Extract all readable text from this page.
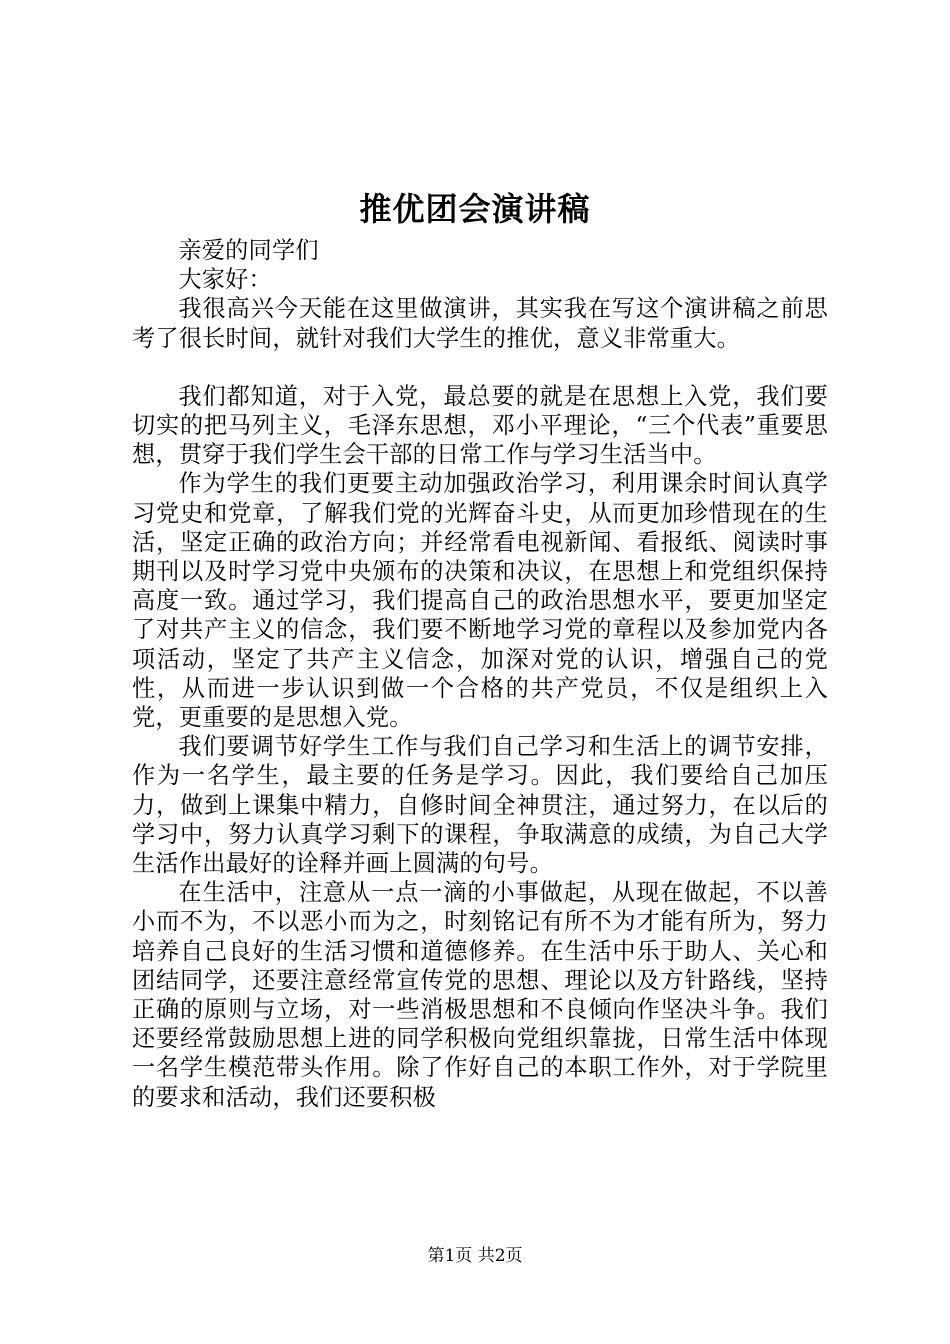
推优团会演讲稿

亲爱的同学们

大家好：

我很高兴今天能在这里做演讲，其实我在写这个演讲稿之前思考了很长时间，就针对我们大学生的推优，意义非常重大。

我们都知道，对于入党，最总要的就是在思想上入党，我们要切实的把马列主义，毛泽东思想，邓小平理论，“三个代表”重要思想，贯穿于我们学生会干部的日常工作与学习生活当中。

作为学生的我们更要主动加强政治学习，利用课余时间认真学习党史和党章，了解我们党的光辉奋斗史，从而更加珍惜现在的生活，坚定正确的政治方向；并经常看电视新闻、看报纸、阅读时事期刊以及时学习党中央颁布的决策和决议，在思想上和党组织保持高度一致。通过学习，我们提高自己的政治思想水平，要更加坚定了对共产主义的信念，我们要不断地学习党的章程以及参加党内各项活动，坚定了共产主义信念，加深对党的认识，增强自己的党性，从而进一步认识到做一个合格的共产党员，不仅是组织上入党，更重要的是思想入党。

我们要调节好学生工作与我们自己学习和生活上的调节安排，作为一名学生，最主要的任务是学习。因此，我们要给自己加压力，做到上课集中精力，自修时间全神贯注，通过努力，在以后的学习中，努力认真学习剩下的课程，争取满意的成绩，为自己大学生活作出最好的诠释并画上圆满的句号。

在生活中，注意从一点一滴的小事做起，从现在做起，不以善小而不为，不以恶小而为之，时刻铭记有所不为才能有所为，努力培养自己良好的生活习惯和道德修养。在生活中乐于助人、关心和团结同学，还要注意经常宣传党的思想、理论以及方针路线，坚持正确的原则与立场，对一些消极思想和不良倾向作坚决斗争。我们还要经常鼓励思想上进的同学积极向党组织靠拢，日常生活中体现一名学生模范带头作用。除了作好自己的本职工作外，对于学院里的要求和活动，我们还要积极

第1页 共2页
